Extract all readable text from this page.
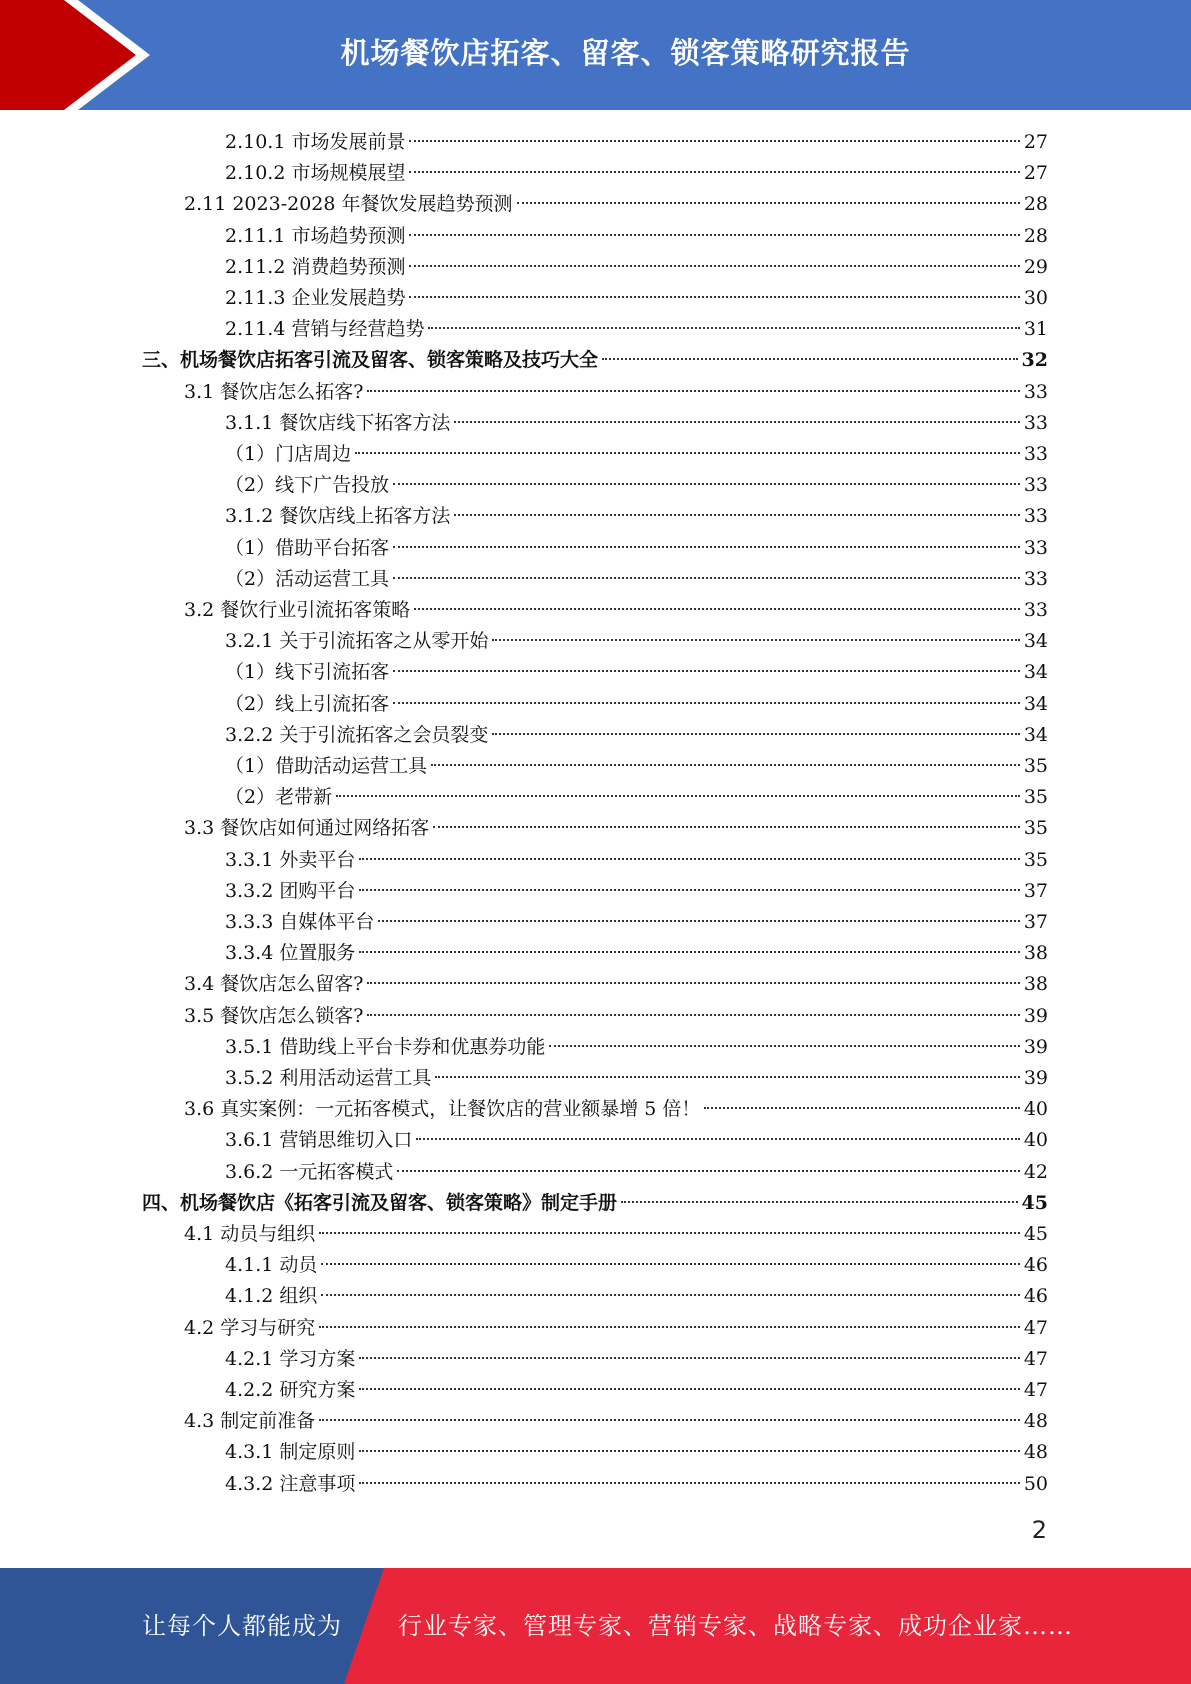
机场餐饮店拓客、留客、锁客策略研究报告
2.10.1 市场发展前景	27
2.10.2 市场规模展望	27
2.11 2023-2028 年餐饮发展趋势预测	28
2.11.1 市场趋势预测	28
2.11.2 消费趋势预测	29
2.11.3 企业发展趋势	30
2.11.4 营销与经营趋势	31
三、机场餐饮店拓客引流及留客、锁客策略及技巧大全	32
3.1 餐饮店怎么拓客?	33
3.1.1 餐饮店线下拓客方法	33
（1）门店周边	33
（2）线下广告投放	33
3.1.2 餐饮店线上拓客方法	33
（1）借助平台拓客	33
（2）活动运营工具	33
3.2 餐饮行业引流拓客策略	33
3.2.1 关于引流拓客之从零开始	34
（1）线下引流拓客	34
（2）线上引流拓客	34
3.2.2 关于引流拓客之会员裂变	34
（1）借助活动运营工具	35
（2）老带新	35
3.3 餐饮店如何通过网络拓客	35
3.3.1 外卖平台	35
3.3.2 团购平台	37
3.3.3 自媒体平台	37
3.3.4 位置服务	38
3.4 餐饮店怎么留客?	38
3.5 餐饮店怎么锁客?	39
3.5.1 借助线上平台卡券和优惠券功能	39
3.5.2 利用活动运营工具	39
3.6 真实案例：一元拓客模式，让餐饮店的营业额暴增 5 倍！	40
3.6.1 营销思维切入口	40
3.6.2 一元拓客模式	42
四、机场餐饮店《拓客引流及留客、锁客策略》制定手册	45
4.1 动员与组织	45
4.1.1 动员	46
4.1.2 组织	46
4.2 学习与研究	47
4.2.1 学习方案	47
4.2.2 研究方案	47
4.3 制定前准备	48
4.3.1 制定原则	48
4.3.2 注意事项	50
2
让每个人都能成为 行业专家、管理专家、营销专家、战略专家、成功企业家……
